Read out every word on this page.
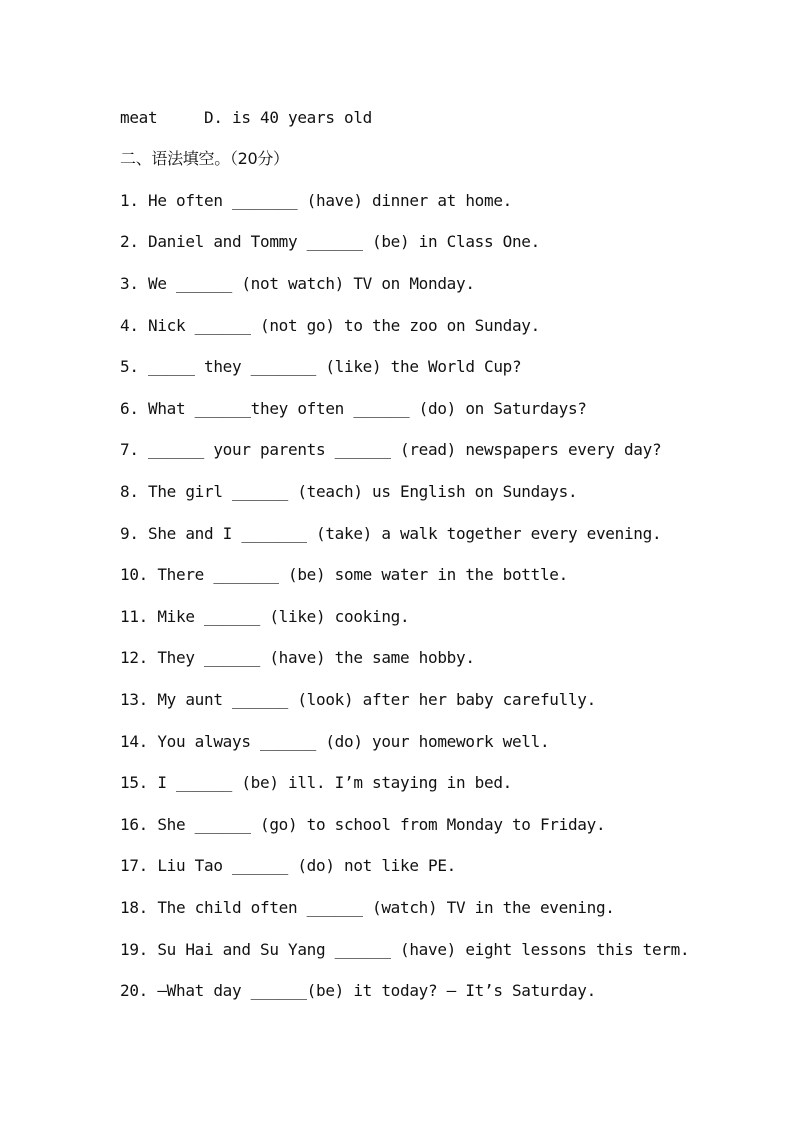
meat     D. is 40 years old
二、语法填空。（20分）
1. He often _______ (have) dinner at home.
2. Daniel and Tommy ______ (be) in Class One.
3. We ______ (not watch) TV on Monday.
4. Nick ______ (not go) to the zoo on Sunday.
5. _____ they _______ (like) the World Cup?
6. What ______they often ______ (do) on Saturdays?
7. ______ your parents ______ (read) newspapers every day?
8. The girl ______ (teach) us English on Sundays.
9. She and I _______ (take) a walk together every evening.
10. There _______ (be) some water in the bottle.
11. Mike ______ (like) cooking.
12. They ______ (have) the same hobby.
13. My aunt ______ (look) after her baby carefully.
14. You always ______ (do) your homework well.
15. I ______ (be) ill. I’m staying in bed.
16. She ______ (go) to school from Monday to Friday.
17. Liu Tao ______ (do) not like PE.
18. The child often ______ (watch) TV in the evening.
19. Su Hai and Su Yang ______ (have) eight lessons this term.
20. —What day ______(be) it today? — It’s Saturday.
